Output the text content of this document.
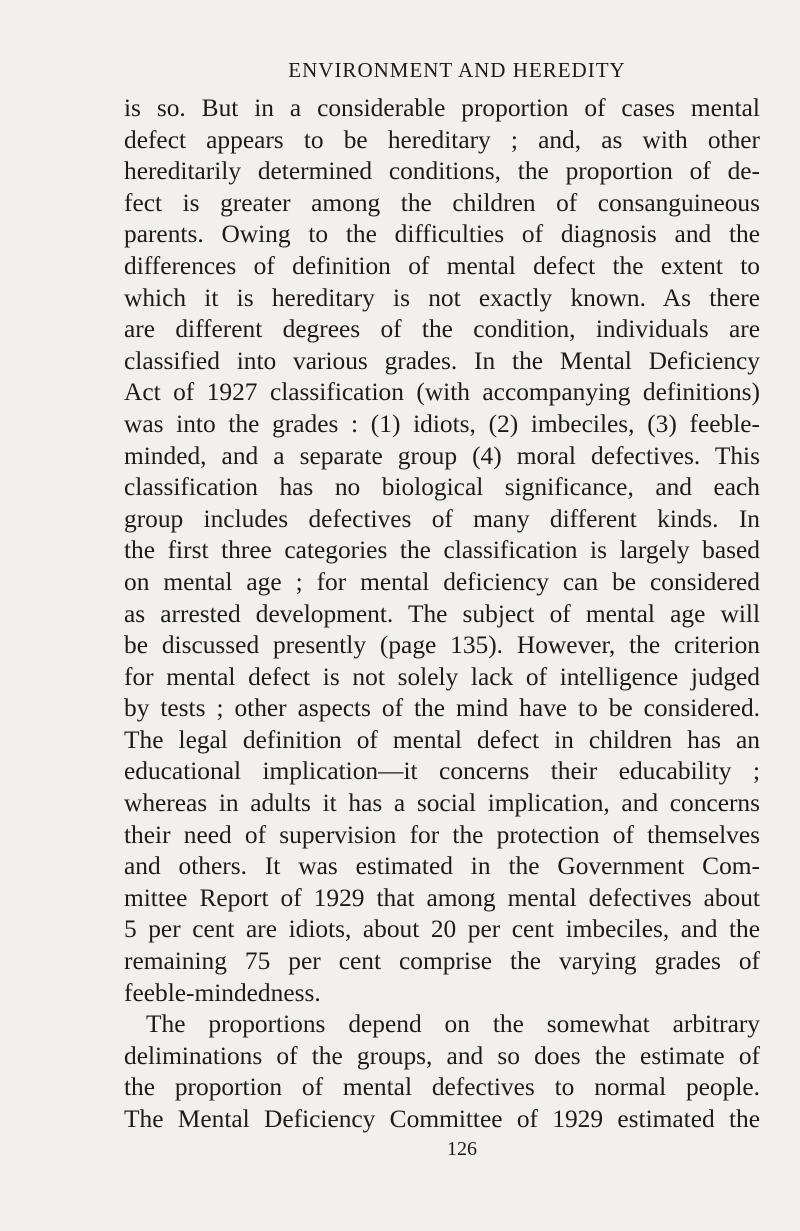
ENVIRONMENT AND HEREDITY
is so. But in a considerable proportion of cases mental
defect appears to be hereditary ; and, as with other
hereditarily determined conditions, the proportion of de-
fect is greater among the children of consanguineous
parents. Owing to the difficulties of diagnosis and the
differences of definition of mental defect the extent to
which it is hereditary is not exactly known. As there
are different degrees of the condition, individuals are
classified into various grades. In the Mental Deficiency
Act of 1927 classification (with accompanying definitions)
was into the grades : (1) idiots, (2) imbeciles, (3) feeble-
minded, and a separate group (4) moral defectives. This
classification has no biological significance, and each
group includes defectives of many different kinds. In
the first three categories the classification is largely based
on mental age ; for mental deficiency can be considered
as arrested development. The subject of mental age will
be discussed presently (page 135). However, the criterion
for mental defect is not solely lack of intelligence judged
by tests ; other aspects of the mind have to be considered.
The legal definition of mental defect in children has an
educational implication—it concerns their educability ;
whereas in adults it has a social implication, and concerns
their need of supervision for the protection of themselves
and others. It was estimated in the Government Com-
mittee Report of 1929 that among mental defectives about
5 per cent are idiots, about 20 per cent imbeciles, and the
remaining 75 per cent comprise the varying grades of
feeble-mindedness.
The proportions depend on the somewhat arbitrary
deliminations of the groups, and so does the estimate of
the proportion of mental defectives to normal people.
The Mental Deficiency Committee of 1929 estimated the
126
